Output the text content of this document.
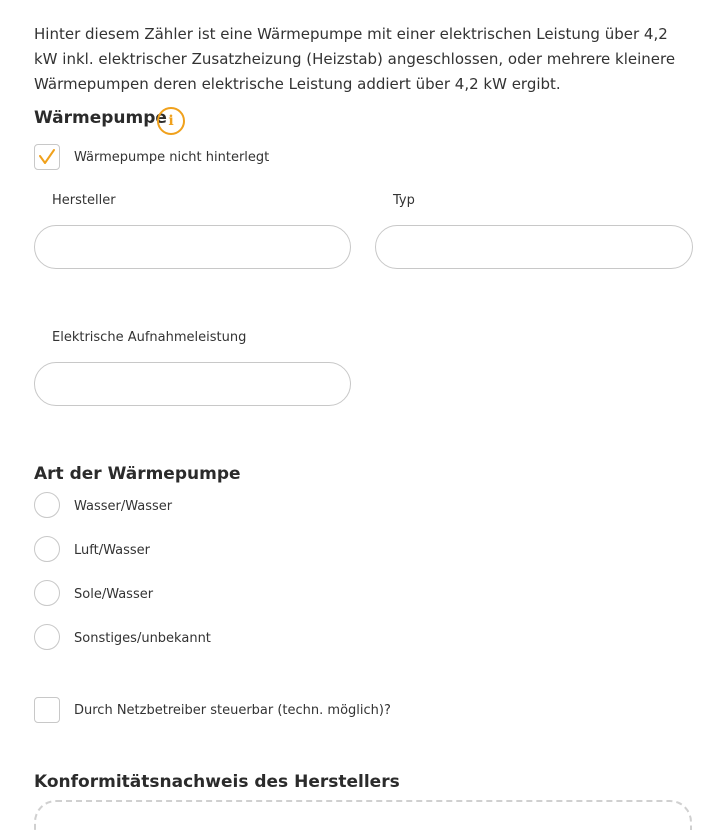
Hinter diesem Zähler ist eine Wärmepumpe mit einer elektrischen Leistung über 4,2 kW inkl. elektrischer Zusatzheizung (Heizstab) angeschlossen, oder mehrere kleinere Wärmepumpen deren elektrische Leistung addiert über 4,2 kW ergibt.

Wärmepumpe i
Wärmepumpe nicht hinterlegt
Hersteller	Typ
Elektrische Aufnahmeleistung
Art der Wärmepumpe
Wasser/Wasser
Luft/Wasser
Sole/Wasser
Sonstiges/unbekannt
Durch Netzbetreiber steuerbar (techn. möglich)?
Konformitätsnachweis des Herstellers
